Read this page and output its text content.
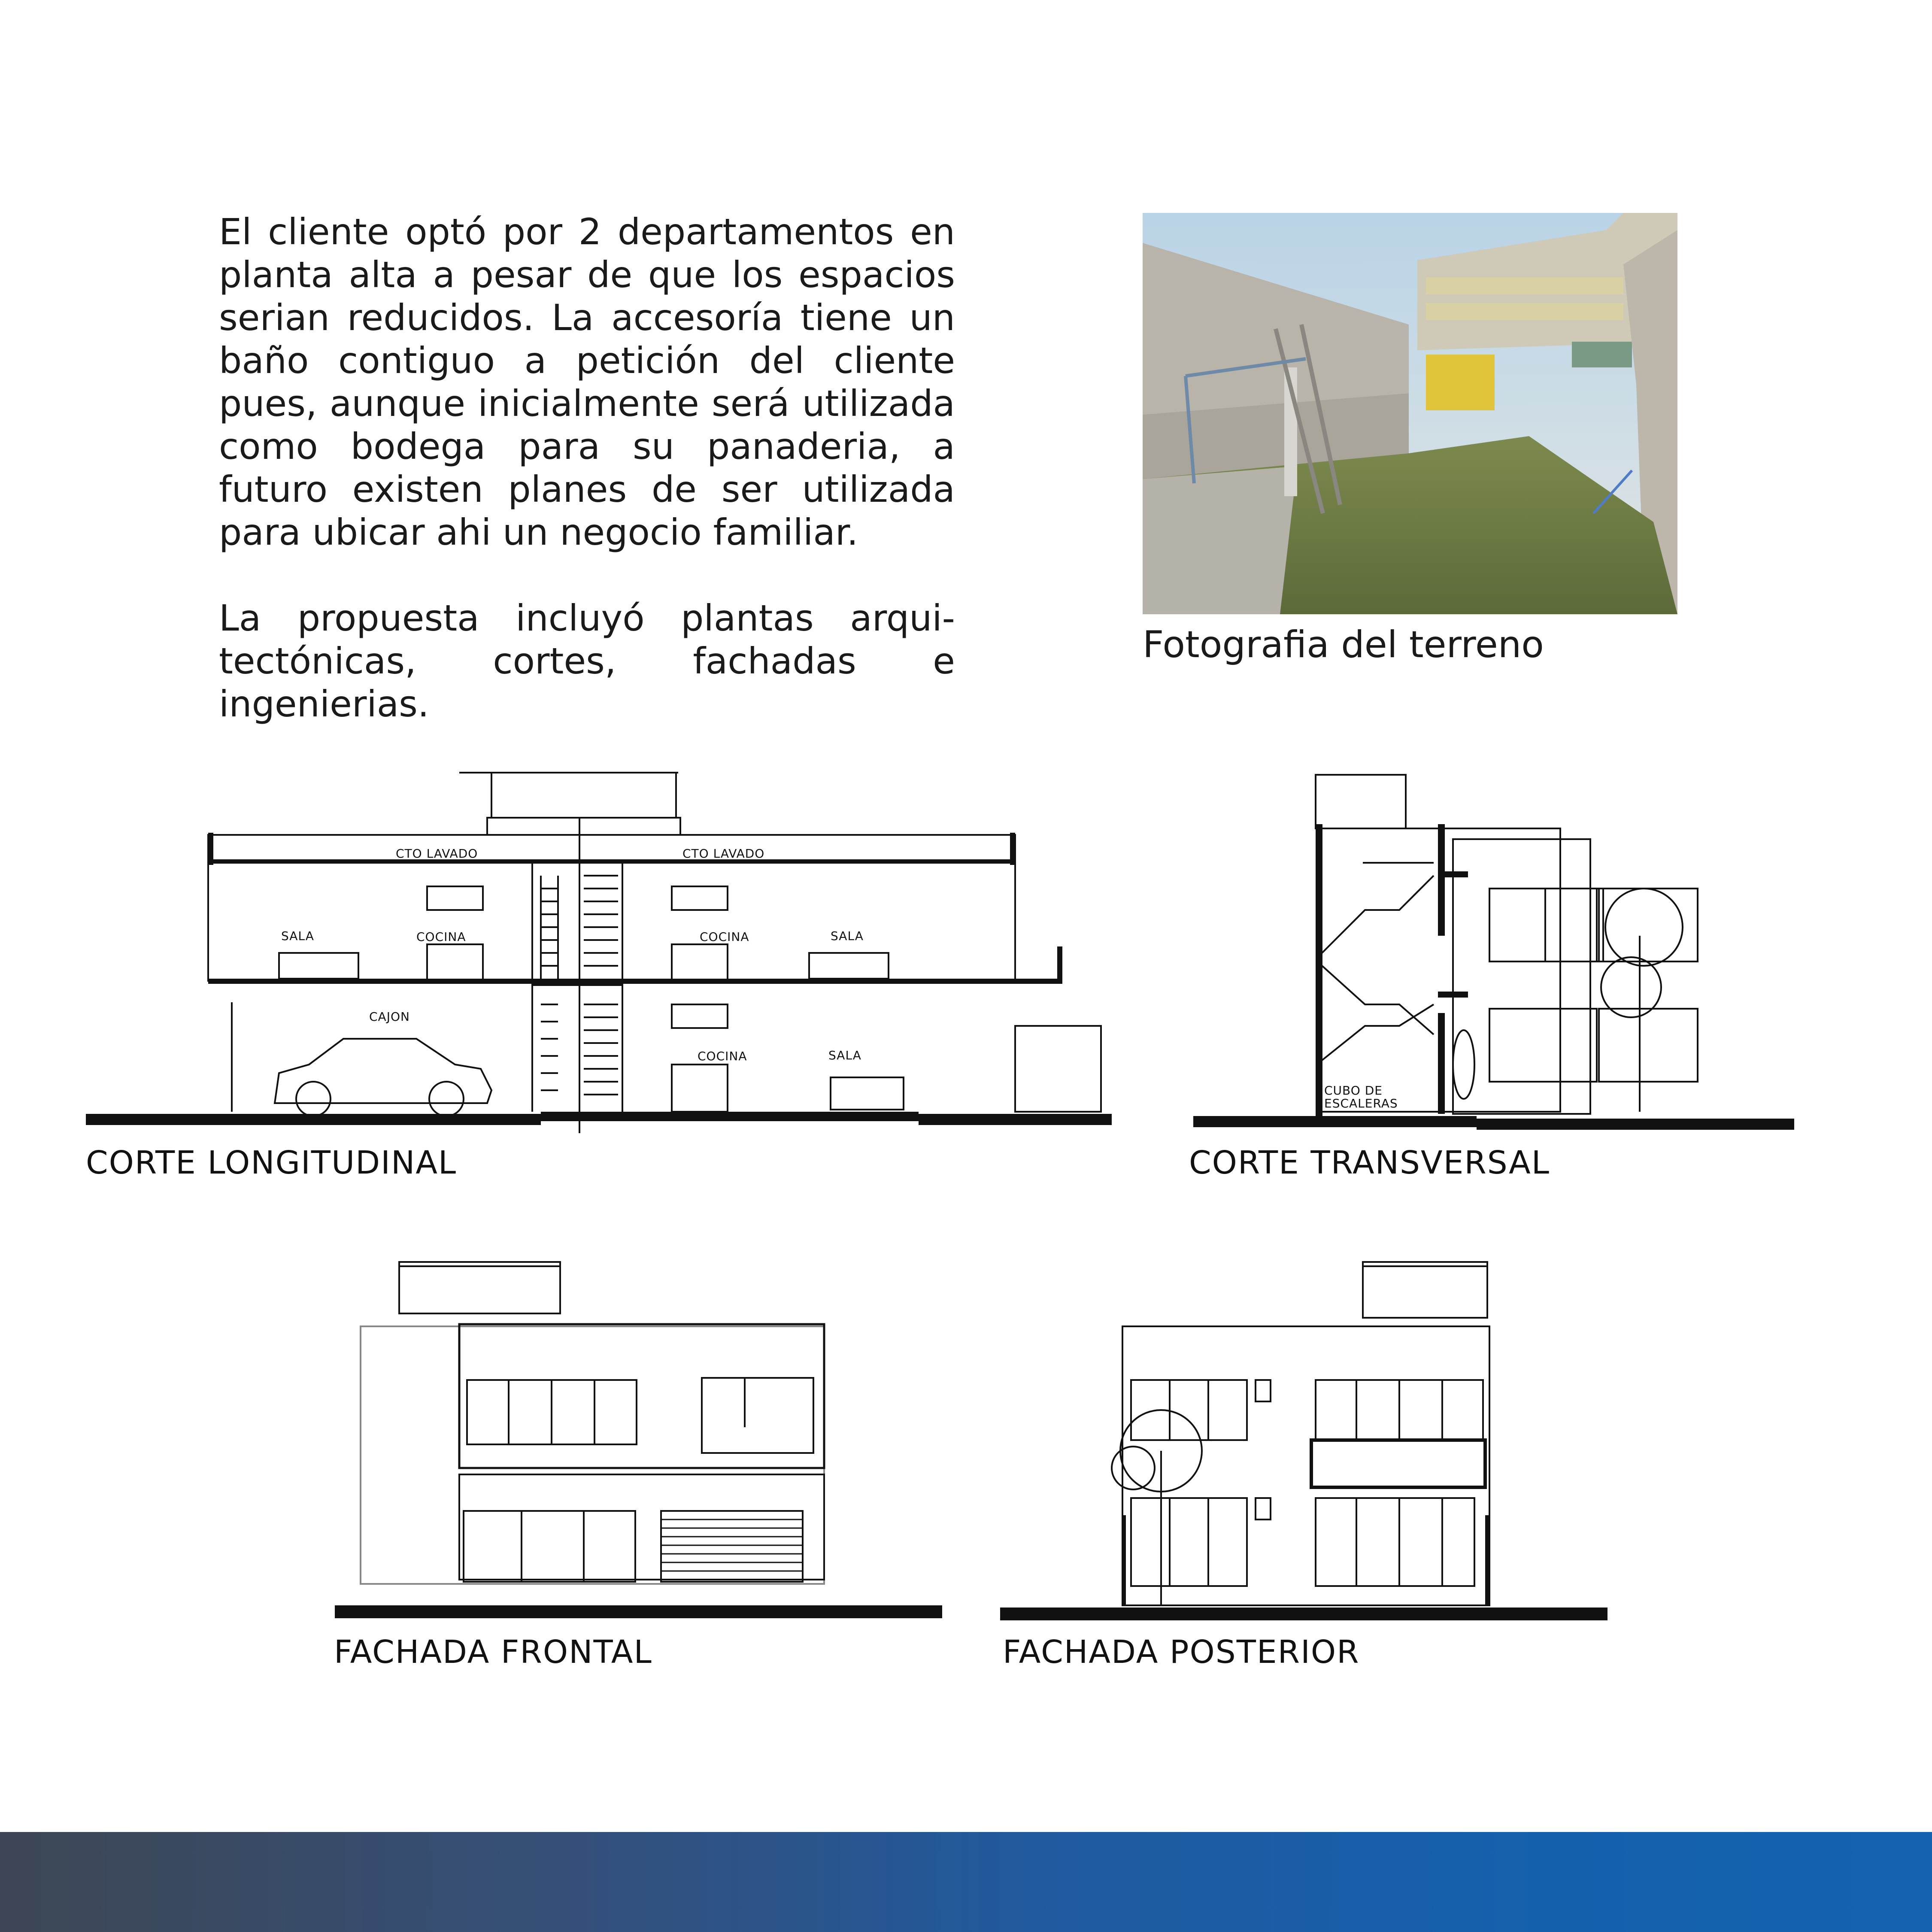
El cliente optó por 2 departamentos en planta alta a pesar de que los espacios serian reducidos. La accesoría tiene un baño contiguo a petición del cliente pues, aunque inicialmente será utilizada como bodega para su panaderia, a futuro existen planes de ser utilizada para ubicar ahi un negocio familiar.

La propuesta incluyó plantas arqui-tectónicas, cortes, fachadas e ingenierias.

Fotografia del terreno
CTO LAVADO	CTO LAVADO
SALA	COCINA	COCINA	SALA
CAJON
COCINA	SALA
CORTE LONGITUDINAL
CUBO DE
ESCALERAS
CORTE TRANSVERSAL
FACHADA FRONTAL	FACHADA POSTERIOR
